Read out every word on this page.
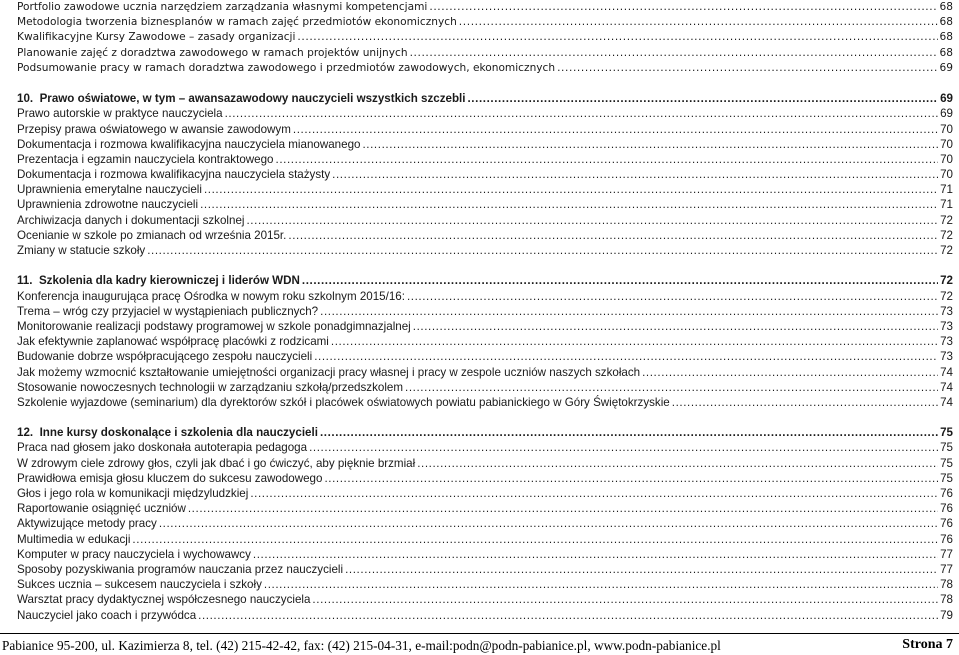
Portfolio zawodowe ucznia narzędziem zarządzania własnymi kompetencjami .....	68
Metodologia tworzenia biznesplanów w ramach zajęć przedmiotów ekonomicznych .....	68
Kwalifikacyjne Kursy Zawodowe – zasady organizacji .....	68
Planowanie zajęć z doradztwa zawodowego w ramach projektów unijnych .....	68
Podsumowanie pracy w ramach doradztwa zawodowego i przedmiotów zawodowych, ekonomicznych .....	69
10. Prawo oświatowe, w tym – awansazawodowy nauczycieli wszystkich szczebli .....	69
Prawo autorskie w praktyce nauczyciela .....	69
Przepisy prawa oświatowego w awansie zawodowym .....	70
Dokumentacja i rozmowa kwalifikacyjna nauczyciela mianowanego .....	70
Prezentacja i egzamin nauczyciela kontraktowego .....	70
Dokumentacja i rozmowa kwalifikacyjna nauczyciela stażysty .....	70
Uprawnienia emerytalne nauczycieli .....	71
Uprawnienia zdrowotne nauczycieli .....	71
Archiwizacja danych i dokumentacji szkolnej .....	72
Ocenianie w szkole po zmianach od września 2015r. .....	72
Zmiany w statucie szkoły .....	72
11. Szkolenia dla kadry kierowniczej i liderów WDN .....	72
Konferencja inaugurująca pracę Ośrodka w nowym roku szkolnym 2015/16: .....	72
Trema – wróg czy przyjaciel w wystąpieniach publicznych? .....	73
Monitorowanie realizacji podstawy programowej w szkole ponadgimnazjalnej .....	73
Jak efektywnie zaplanować współpracę placówki z rodzicami .....	73
Budowanie dobrze współpracującego zespołu nauczycieli .....	73
Jak możemy wzmocnić kształtowanie umiejętności organizacji pracy własnej i pracy w zespole uczniów naszych szkołach .....	74
Stosowanie nowoczesnych technologii w zarządzaniu szkołą/przedszkolem .....	74
Szkolenie wyjazdowe (seminarium) dla dyrektorów szkół i placówek oświatowych powiatu pabianickiego w Góry Świętokrzyskie .....	74
12. Inne kursy doskonalące i szkolenia dla nauczycieli .....	75
Praca nad głosem jako doskonała autoterapia pedagoga .....	75
W zdrowym ciele zdrowy głos, czyli jak dbać i go ćwiczyć, aby pięknie brzmiał .....	75
Prawidłowa emisja głosu kluczem do sukcesu zawodowego .....	75
Głos i jego rola w komunikacji międzyludzkiej .....	76
Raportowanie osiągnięć uczniów .....	76
Aktywizujące metody pracy .....	76
Multimedia w edukacji .....	76
Komputer w pracy nauczyciela i wychowawcy .....	77
Sposoby pozyskiwania programów nauczania przez nauczycieli .....	77
Sukces ucznia – sukcesem nauczyciela i szkoły .....	78
Warsztat pracy dydaktycznej współczesnego nauczyciela .....	78
Nauczyciel jako coach i przywódca .....	79
Pabianice 95-200, ul. Kazimierza 8, tel. (42) 215-42-42, fax: (42) 215-04-31, e-mail:podn@podn-pabianice.pl, www.podn-pabianice.pl	Strona 7
